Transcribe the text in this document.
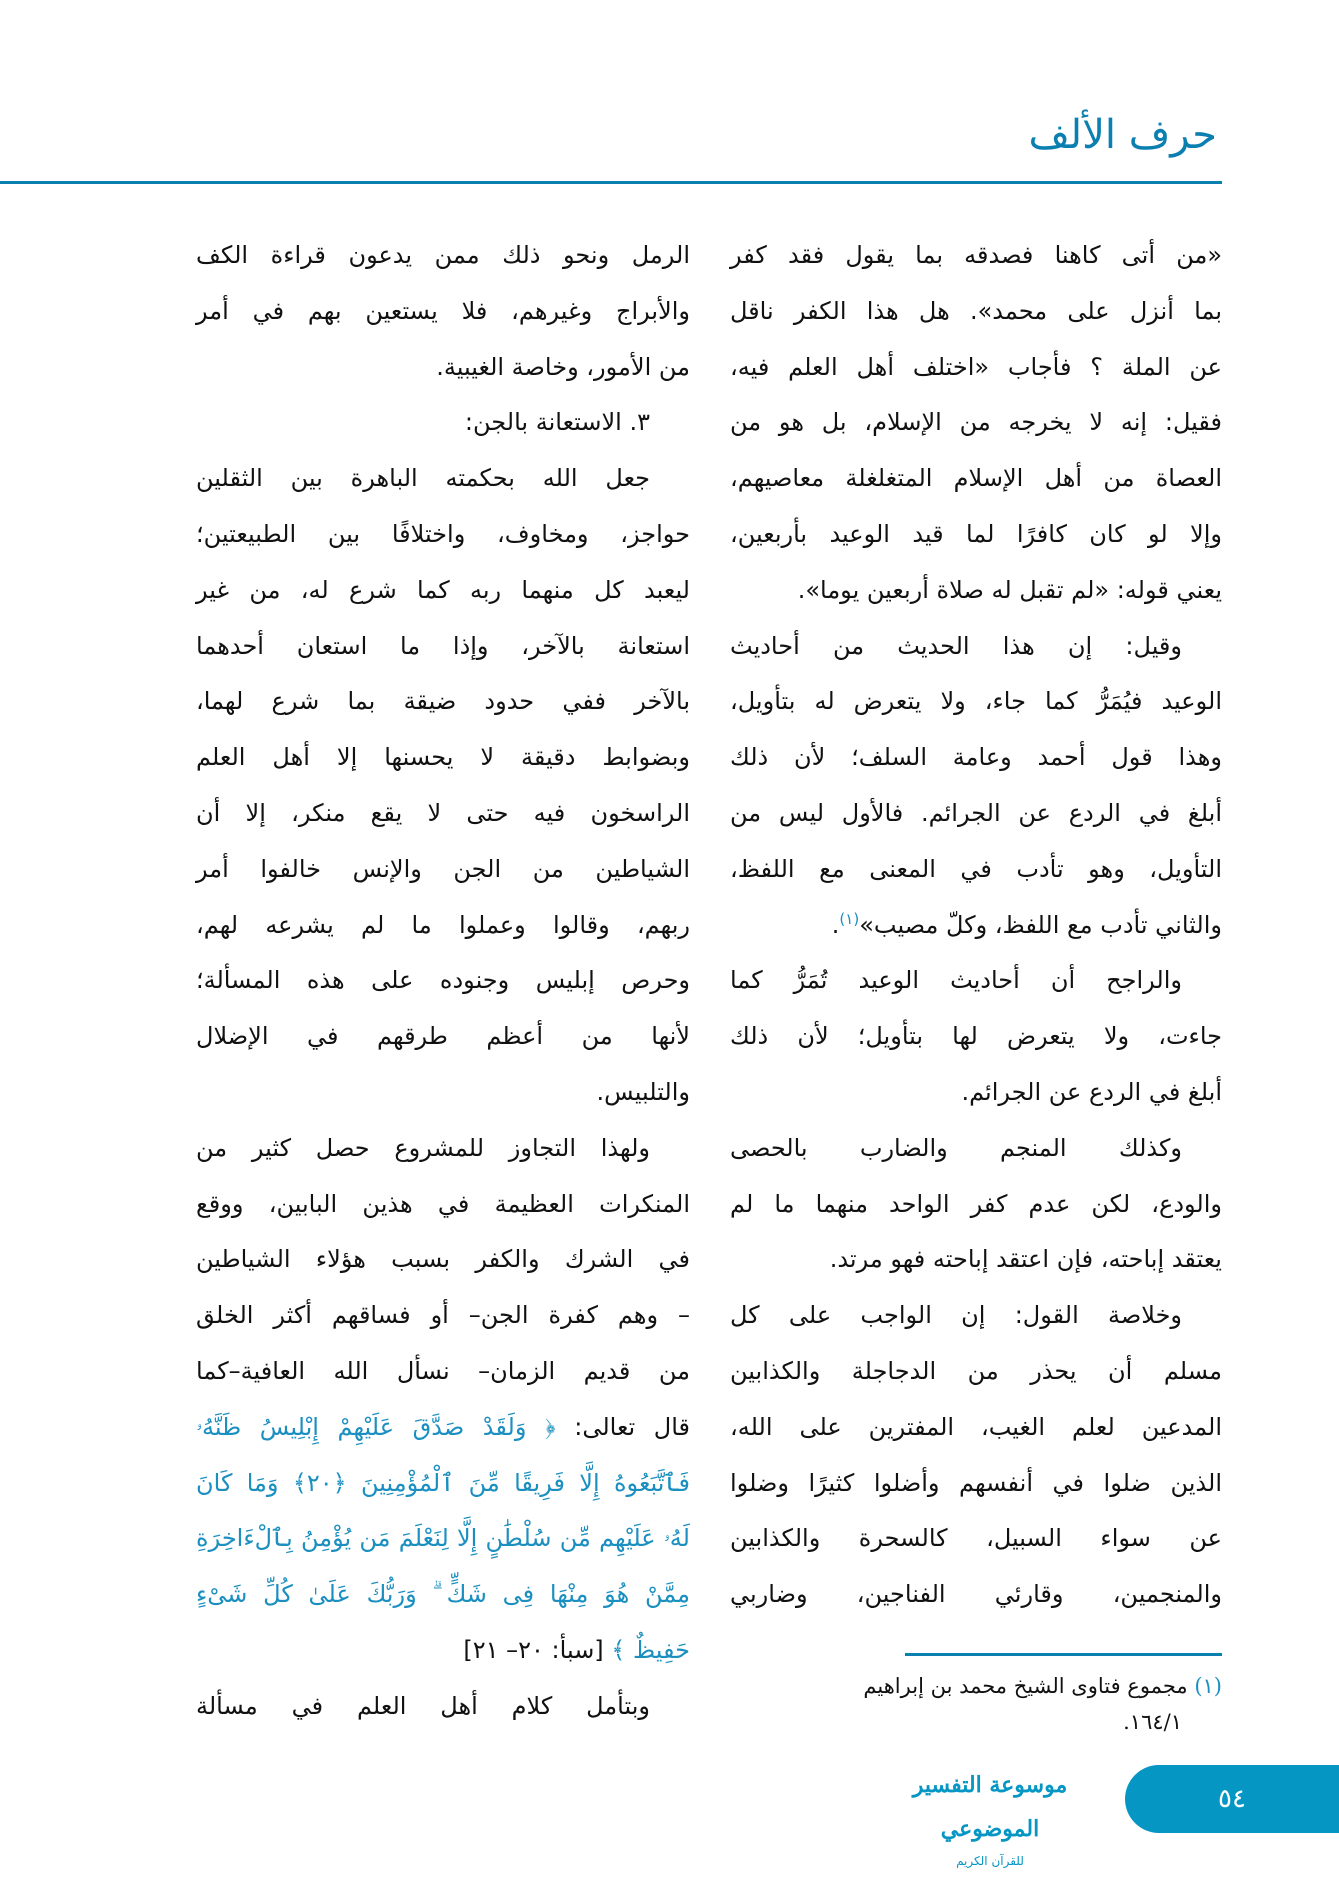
حرف الألف
«من أتى كاهنا فصدقه بما يقول فقد كفر
بما أنزل على محمد». هل هذا الكفر ناقل
عن الملة ؟ فأجاب «اختلف أهل العلم فيه،
فقيل: إنه لا يخرجه من الإسلام، بل هو من
العصاة من أهل الإسلام المتغلغلة معاصيهم،
وإلا لو كان كافرًا لما قيد الوعيد بأربعين،
يعني قوله: «لم تقبل له صلاة أربعين يوما».
وقيل: إن هذا الحديث من أحاديث
الوعيد فيُمَرُّ كما جاء، ولا يتعرض له بتأويل،
وهذا قول أحمد وعامة السلف؛ لأن ذلك
أبلغ في الردع عن الجرائم. فالأول ليس من
التأويل، وهو تأدب في المعنى مع اللفظ،
والثاني تأدب مع اللفظ، وكلّ مصيب»$^{(١)}$.
والراجح أن أحاديث الوعيد تُمَرُّ كما
جاءت، ولا يتعرض لها بتأويل؛ لأن ذلك
أبلغ في الردع عن الجرائم.
وكذلك المنجم والضارب بالحصى
والودع، لكن عدم كفر الواحد منهما ما لم
يعتقد إباحته، فإن اعتقد إباحته فهو مرتد.
وخلاصة القول: إن الواجب على كل
مسلم أن يحذر من الدجاجلة والكذابين
المدعين لعلم الغيب، المفترين على الله،
الذين ضلوا في أنفسهم وأضلوا كثيرًا وضلوا
عن سواء السبيل، كالسحرة والكذابين
والمنجمين، وقارئي الفناجين، وضاربي
الرمل ونحو ذلك ممن يدعون قراءة الكف
والأبراج وغيرهم، فلا يستعين بهم في أمر
من الأمور، وخاصة الغيبية.
٣. الاستعانة بالجن:
جعل الله بحكمته الباهرة بين الثقلين
حواجز، ومخاوف، واختلافًا بين الطبيعتين؛
ليعبد كل منهما ربه كما شرع له، من غير
استعانة بالآخر، وإذا ما استعان أحدهما
بالآخر ففي حدود ضيقة بما شرع لهما،
وبضوابط دقيقة لا يحسنها إلا أهل العلم
الراسخون فيه حتى لا يقع منكر، إلا أن
الشياطين من الجن والإنس خالفوا أمر
ربهم، وقالوا وعملوا ما لم يشرعه لهم،
وحرص إبليس وجنوده على هذه المسألة؛
لأنها من أعظم طرقهم في الإضلال
والتلبيس.
ولهذا التجاوز للمشروع حصل كثير من
المنكرات العظيمة في هذين البابين، ووقع
في الشرك والكفر بسبب هؤلاء الشياطين
– وهم كفرة الجن– أو فساقهم أكثر الخلق
من قديم الزمان– نسأل الله العافية–كما
قال تعالى: ﴿ وَلَقَدْ صَدَّقَ عَلَيْهِمْ إِبْلِيسُ ظَنَّهُۥ
فَٱتَّبَعُوهُ إِلَّا فَرِيقًا مِّنَ ٱلْمُؤْمِنِينَ ﴿٢٠﴾ وَمَا كَانَ
لَهُۥ عَلَيْهِم مِّن سُلْطَٰنٍ إِلَّا لِنَعْلَمَ مَن يُؤْمِنُ بِٱلْءَاخِرَةِ
مِمَّنْ هُوَ مِنْهَا فِى شَكٍّ ۗ وَرَبُّكَ عَلَىٰ كُلِّ شَىْءٍ
حَفِيظٌ ﴾ [سبأ: ٢٠– ٢١]
وبتأمل كلام أهل العلم في مسألة
(١) مجموع فتاوى الشيخ محمد بن إبراهيم
١٦٤/١.
موسوعة التفسير الموضوعي
للقرآن الكريم
٥٤
